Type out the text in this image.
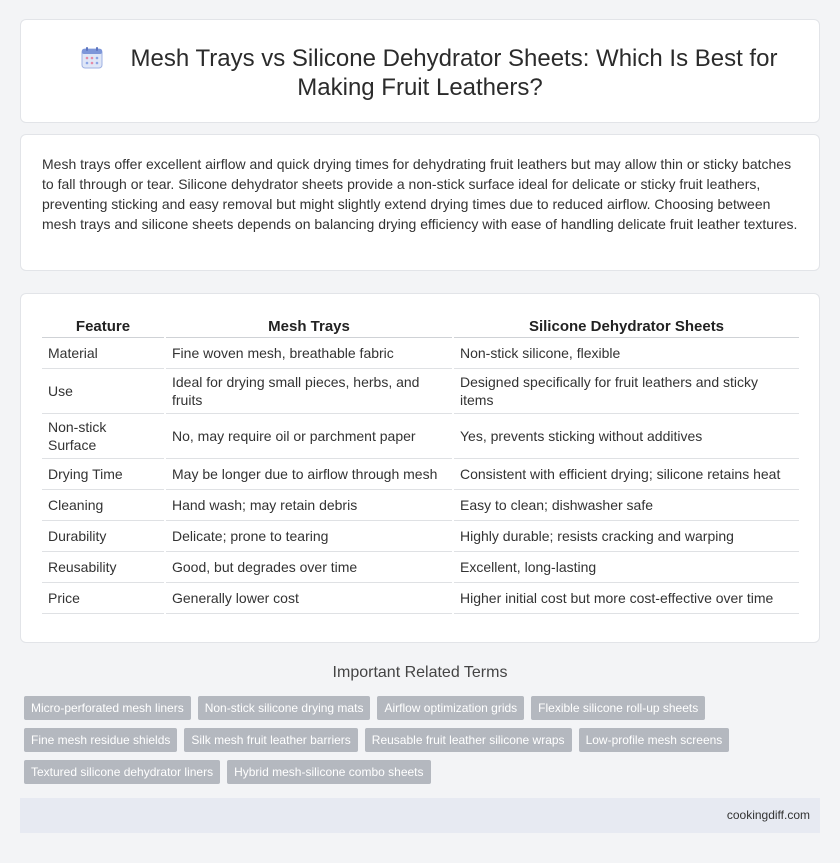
Mesh Trays vs Silicone Dehydrator Sheets: Which Is Best for
Making Fruit Leathers?

Mesh trays offer excellent airflow and quick drying times for dehydrating fruit leathers but may allow thin or sticky batches to fall through or tear. Silicone dehydrator sheets provide a non-stick surface ideal for delicate or sticky fruit leathers, preventing sticking and easy removal but might slightly extend drying times due to reduced airflow. Choosing between mesh trays and silicone sheets depends on balancing drying efficiency with ease of handling delicate fruit leather textures.

Feature	Mesh Trays	Silicone Dehydrator Sheets
Material	Fine woven mesh, breathable fabric	Non-stick silicone, flexible
Use	Ideal for drying small pieces, herbs, and fruits	Designed specifically for fruit leathers and sticky items
Non-stick Surface	No, may require oil or parchment paper	Yes, prevents sticking without additives
Drying Time	May be longer due to airflow through mesh	Consistent with efficient drying; silicone retains heat
Cleaning	Hand wash; may retain debris	Easy to clean; dishwasher safe
Durability	Delicate; prone to tearing	Highly durable; resists cracking and warping
Reusability	Good, but degrades over time	Excellent, long-lasting
Price	Generally lower cost	Higher initial cost but more cost-effective over time
Important Related Terms
Micro-perforated mesh liners	Non-stick silicone drying mats	Airflow optimization grids	Flexible silicone roll-up sheets
Fine mesh residue shields	Silk mesh fruit leather barriers	Reusable fruit leather silicone wraps	Low-profile mesh screens
Textured silicone dehydrator liners	Hybrid mesh-silicone combo sheets
cookingdiff.com
